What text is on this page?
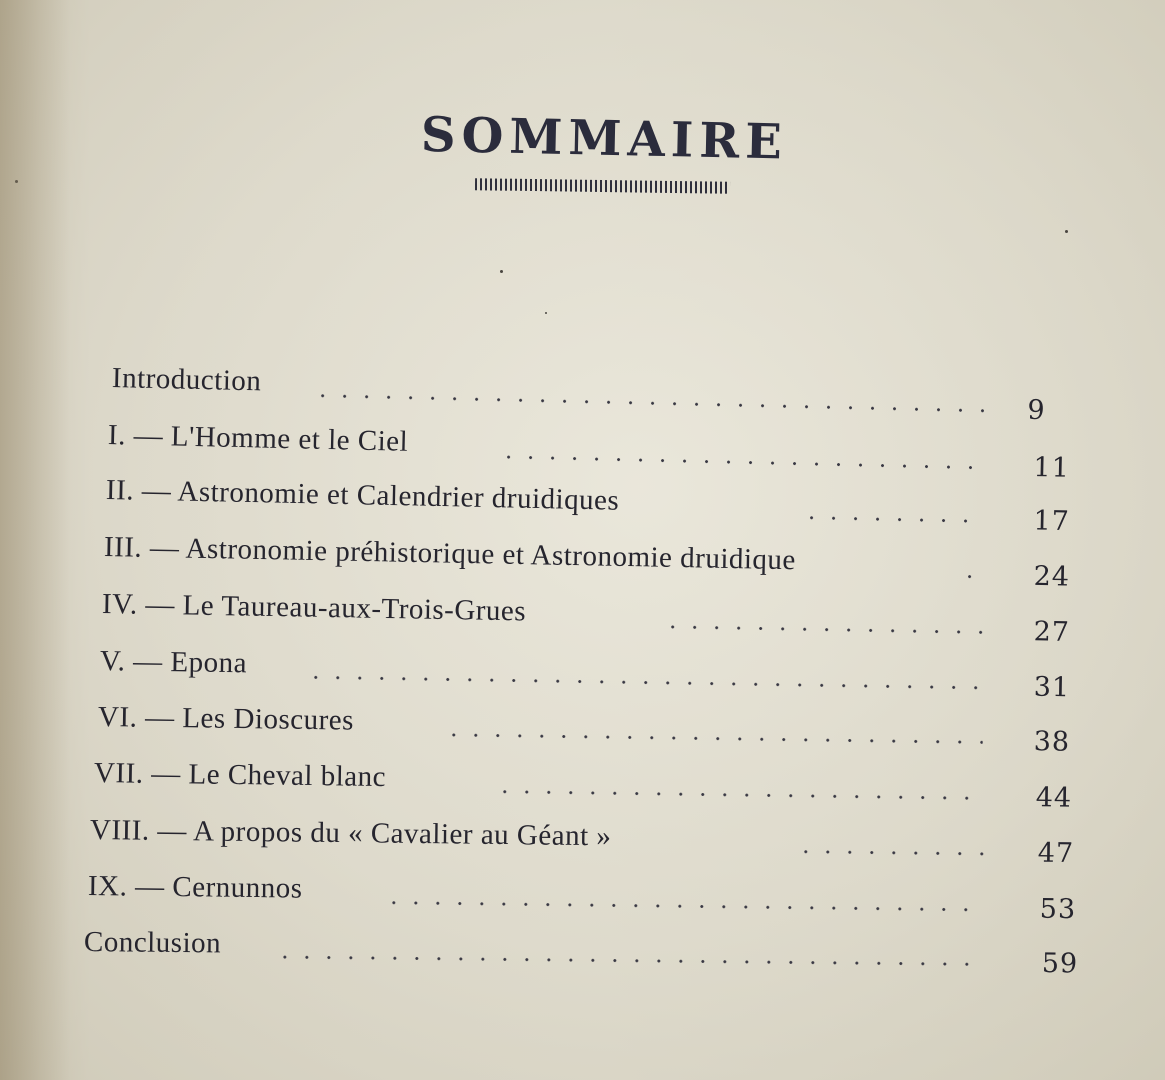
SOMMAIRE
Introduction
9
I. — L'Homme et le Ciel
11
II. — Astronomie et Calendrier druidiques
17
III. — Astronomie préhistorique et Astronomie druidique
24
IV. — Le Taureau-aux-Trois-Grues
27
V. — Epona
31
VI. — Les Dioscures
38
VII. — Le Cheval blanc
44
VIII. — A propos du « Cavalier au Géant »
47
IX. — Cernunnos
53
Conclusion
59
